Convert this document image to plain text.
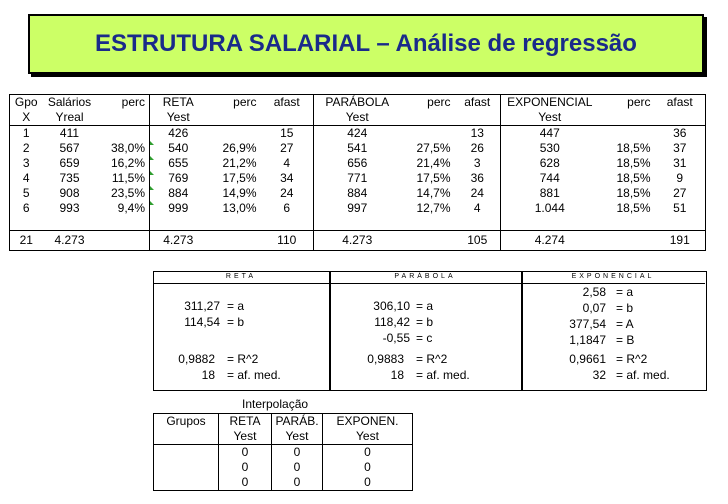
ESTRUTURA SALARIAL – Análise de regressão
Gpo	Salários	perc	RETA	perc	afast	PARÁBOLA	perc	afast	EXPONENCIAL	perc	afast
X	Yreal		Yest			Yest			Yest		
1	411		426		15	424		13	447		36
2	567	38,0%	540	26,9%	27	541	27,5%	26	530	18,5%	37
3	659	16,2%	655	21,2%	4	656	21,4%	3	628	18,5%	31
4	735	11,5%	769	17,5%	34	771	17,5%	36	744	18,5%	9
5	908	23,5%	884	14,9%	24	884	14,7%	24	881	18,5%	27
6	993	9,4%	999	13,0%	6	997	12,7%	4	1.044	18,5%	51

21	4.273		4.273		110	4.273		105	4.274		191
RETA	PARÁBOLA	EXPONENCIAL
311,27 = a
114,54 = b
0,9882 = R^2
18 = af. med.
306,10 = a
118,42 = b
-0,55 = c
0,9883 = R^2
18 = af. med.
2,58 = a
0,07 = b
377,54 = A
1,1847 = B
0,9661 = R^2
32 = af. med.
Interpolação
Grupos	RETA	PARÁB.	EXPONEN.
	Yest	Yest	Yest
	0	0	0
	0	0	0
	0	0	0
